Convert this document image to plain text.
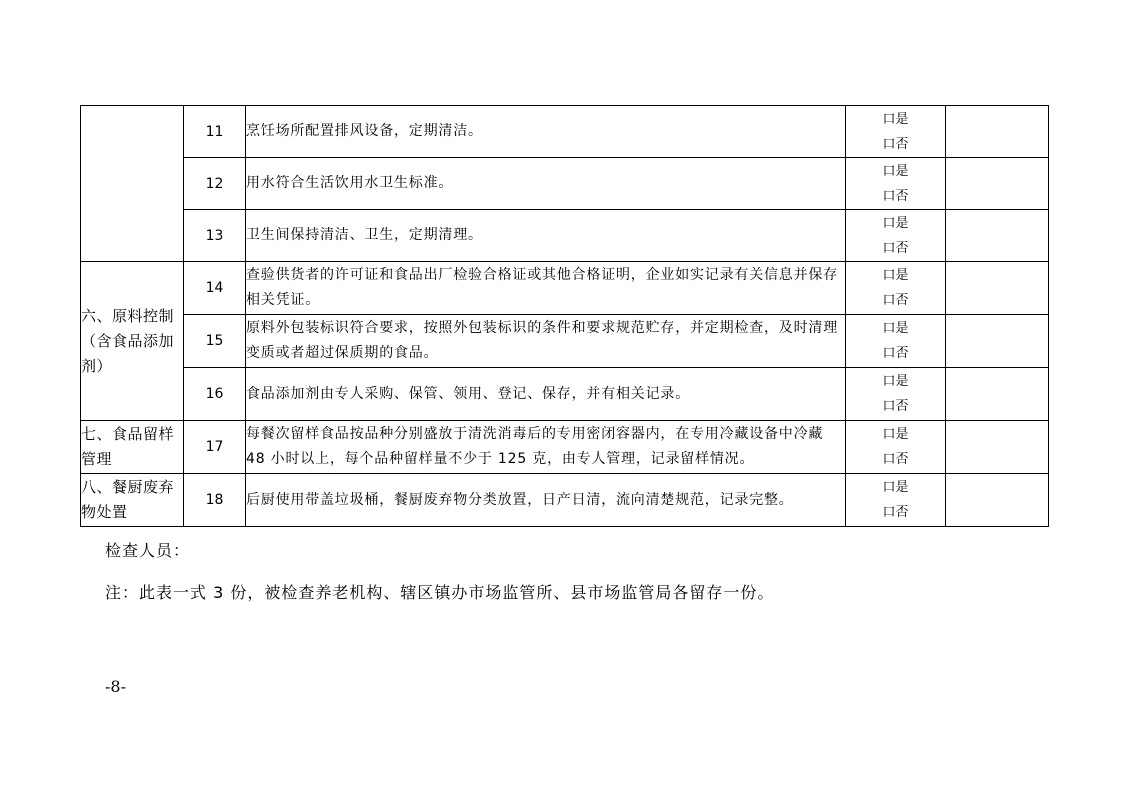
	11	烹饪场所配置排风设备，定期清洁。	口是
口否	

	12	用水符合生活饮用水卫生标准。	口是
口否	

	13	卫生间保持清洁、卫生，定期清理。	口是
口否	

六、原料控制（含食品添加剂）	14	查验供货者的许可证和食品出厂检验合格证或其他合格证明，企业如实记录有关信息并保存相关凭证。	口是
口否	

	15	原料外包装标识符合要求，按照外包装标识的条件和要求规范贮存，并定期检查，及时清理变质或者超过保质期的食品。	口是
口否	

	16	食品添加剂由专人采购、保管、领用、登记、保存，并有相关记录。	口是
口否	

七、食品留样管理	17	每餐次留样食品按品种分别盛放于清洗消毒后的专用密闭容器内，在专用冷藏设备中冷藏 48 小时以上，每个品种留样量不少于 125 克，由专人管理，记录留样情况。	口是
口否	

八、餐厨废弃物处置	18	后厨使用带盖垃圾桶，餐厨废弃物分类放置，日产日清，流向清楚规范，记录完整。	口是
口否	

检查人员：
注：此表一式 3 份，被检查养老机构、辖区镇办市场监管所、县市场监管局各留存一份。
-8-
